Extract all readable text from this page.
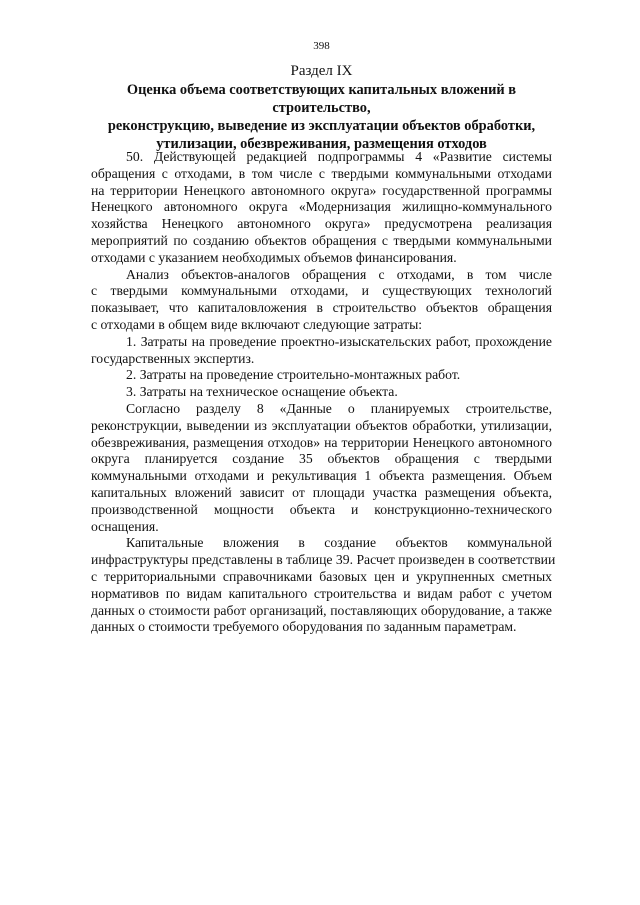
398
Раздел IX
Оценка объема соответствующих капитальных вложений в строительство,
реконструкцию, выведение из эксплуатации объектов обработки,
утилизации, обезвреживания, размещения отходов
50. Действующей редакцией подпрограммы 4 «Развитие системы
обращения с отходами, в том числе с твердыми коммунальными отходами
на территории Ненецкого автономного округа» государственной программы
Ненецкого автономного округа «Модернизация жилищно-коммунального
хозяйства Ненецкого автономного округа» предусмотрена реализация
мероприятий по созданию объектов обращения с твердыми коммунальными
отходами с указанием необходимых объемов финансирования.
Анализ объектов-аналогов обращения с отходами, в том числе
с твердыми коммунальными отходами, и существующих технологий
показывает, что капиталовложения в строительство объектов обращения
с отходами в общем виде включают следующие затраты:
1. Затраты на проведение проектно-изыскательских работ, прохождение
государственных экспертиз.
2. Затраты на проведение строительно-монтажных работ.
3. Затраты на техническое оснащение объекта.
Согласно разделу 8 «Данные о планируемых строительстве,
реконструкции, выведении из эксплуатации объектов обработки, утилизации,
обезвреживания, размещения отходов» на территории Ненецкого автономного
округа планируется создание 35 объектов обращения с твердыми
коммунальными отходами и рекультивация 1 объекта размещения. Объем
капитальных вложений зависит от площади участка размещения объекта,
производственной мощности объекта и конструкционно-технического
оснащения.
Капитальные вложения в создание объектов коммунальной
инфраструктуры представлены в таблице 39. Расчет произведен в соответствии
с территориальными справочниками базовых цен и укрупненных сметных
нормативов по видам капитального строительства и видам работ с учетом
данных о стоимости работ организаций, поставляющих оборудование, а также
данных о стоимости требуемого оборудования по заданным параметрам.
